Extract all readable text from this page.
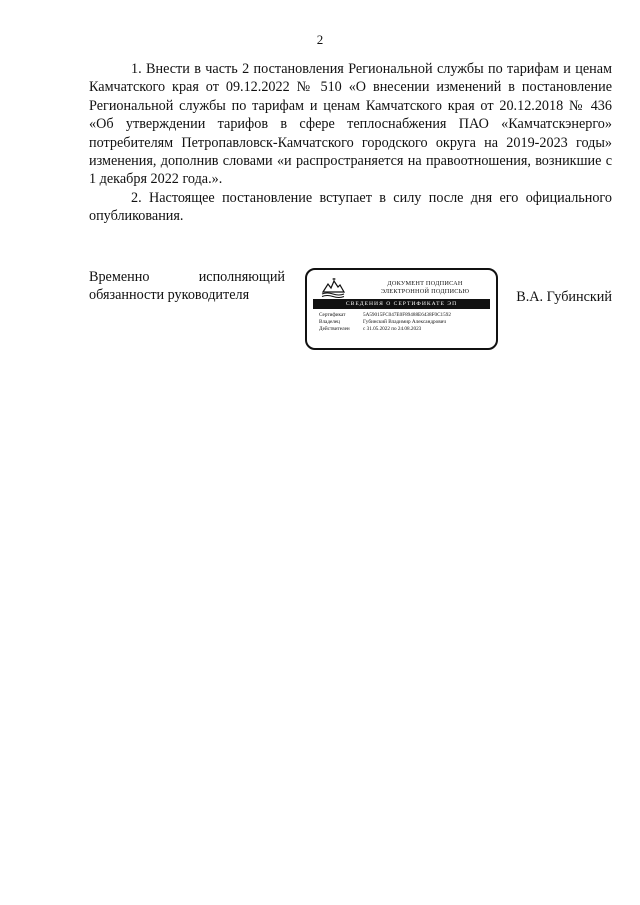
2

1. Внести в часть 2 постановления Региональной службы по тарифам и ценам Камчатского края от 09.12.2022 № 510 «О внесении изменений в постановление Региональной службы по тарифам и ценам Камчатского края от 20.12.2018 № 436 «Об утверждении тарифов в сфере теплоснабжения ПАО «Камчатскэнерго» потребителям Петропавловск-Камчатского городского округа на 2019-2023 годы» изменения, дополнив словами «и распространяется на правоотношения, возникшие с 1 декабря 2022 года.».

2. Настоящее постановление вступает в силу после дня его официального опубликования.

Временно	исполняющий
обязанности руководителя
ДОКУМЕНТ ПОДПИСАН
ЭЛЕКТРОННОЙ ПОДПИСЬЮ
СВЕДЕНИЯ О СЕРТИФИКАТЕ ЭП
Сертификат	5A59015FC047E0F89488E6438F0C1592
Владелец	Губинский Владимир Александрович
Действителен	с 31.05.2022 по 24.08.2023
В.А. Губинский
